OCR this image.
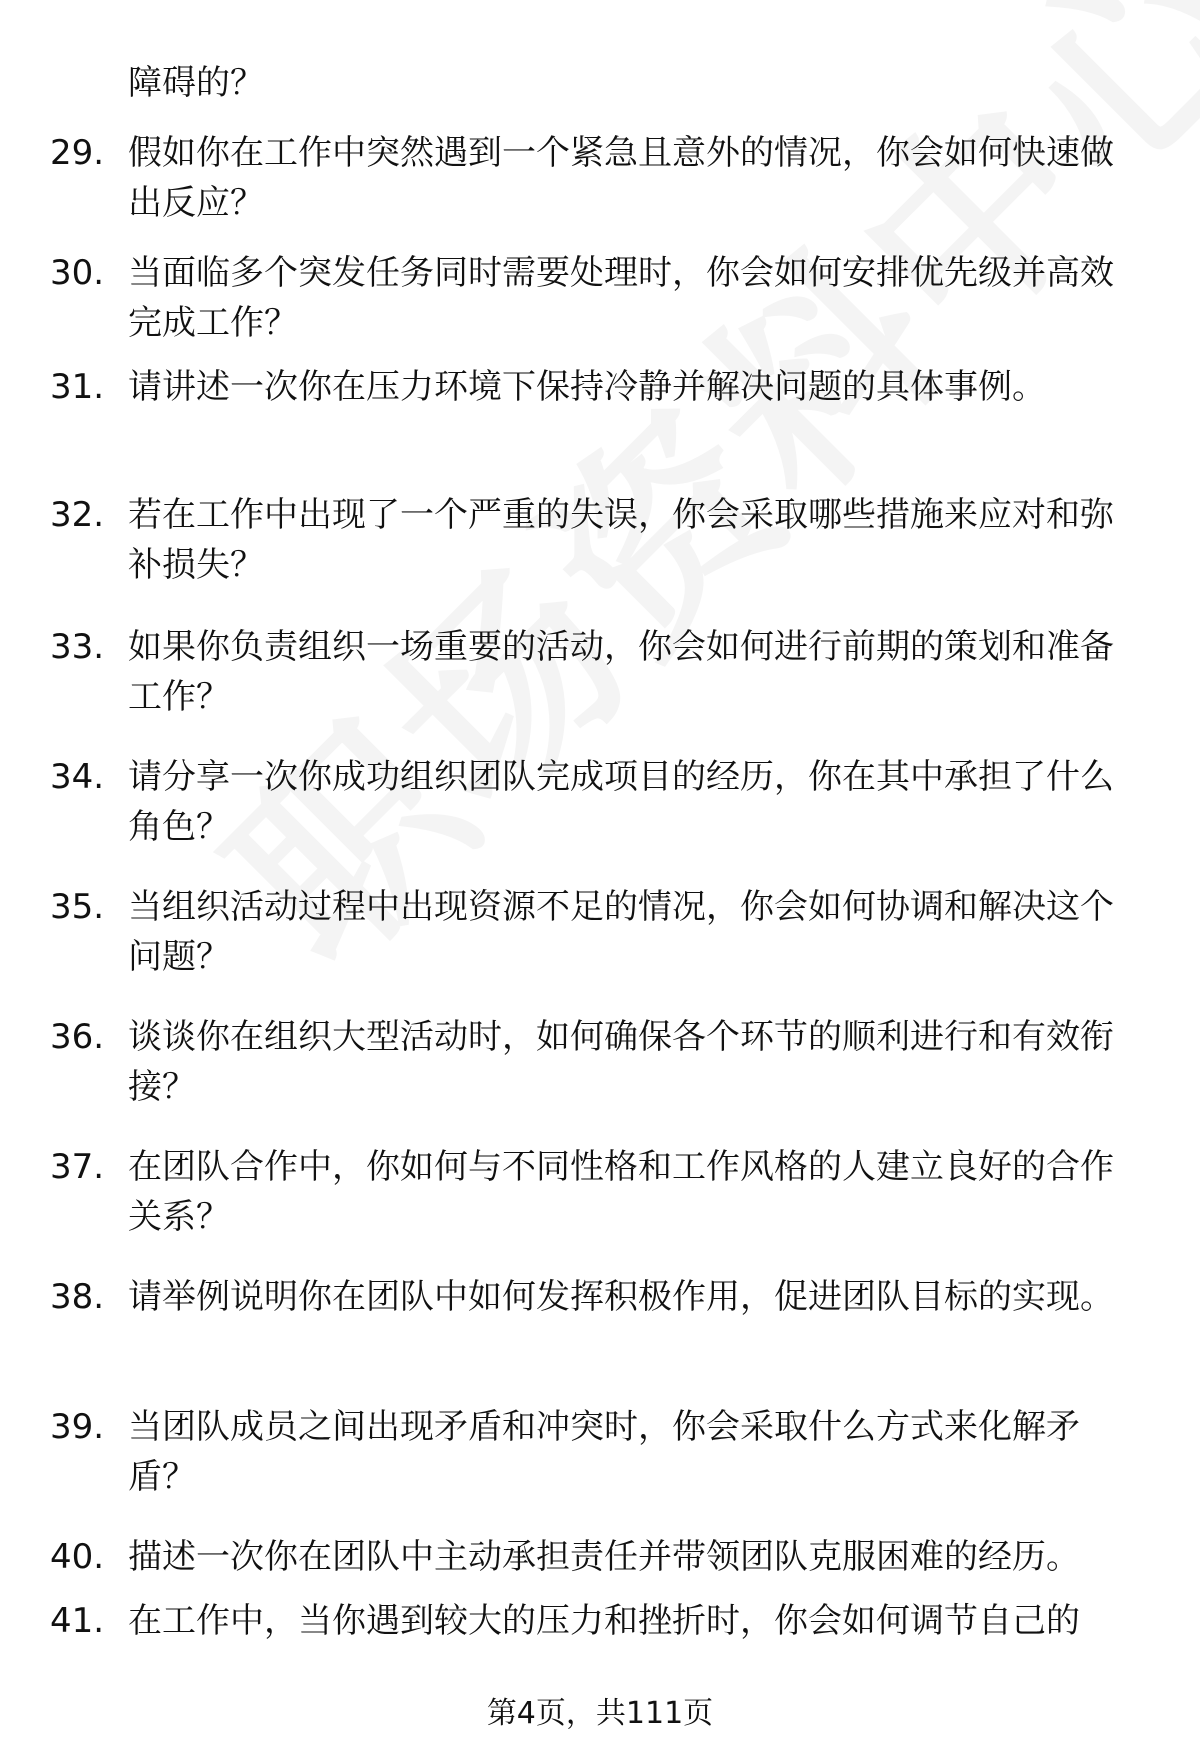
障碍的？
29. 假如你在工作中突然遇到一个紧急且意外的情况，你会如何快速做出反应？
30. 当面临多个突发任务同时需要处理时，你会如何安排优先级并高效完成工作？
31. 请讲述一次你在压力环境下保持冷静并解决问题的具体事例。
32. 若在工作中出现了一个严重的失误，你会采取哪些措施来应对和弥补损失？
33. 如果你负责组织一场重要的活动，你会如何进行前期的策划和准备工作？
34. 请分享一次你成功组织团队完成项目的经历，你在其中承担了什么角色？
35. 当组织活动过程中出现资源不足的情况，你会如何协调和解决这个问题？
36. 谈谈你在组织大型活动时，如何确保各个环节的顺利进行和有效衔接？
37. 在团队合作中，你如何与不同性格和工作风格的人建立良好的合作关系？
38. 请举例说明你在团队中如何发挥积极作用，促进团队目标的实现。
39. 当团队成员之间出现矛盾和冲突时，你会采取什么方式来化解矛盾？
40. 描述一次你在团队中主动承担责任并带领团队克服困难的经历。
41. 在工作中，当你遇到较大的压力和挫折时，你会如何调节自己的
第4页，共111页
